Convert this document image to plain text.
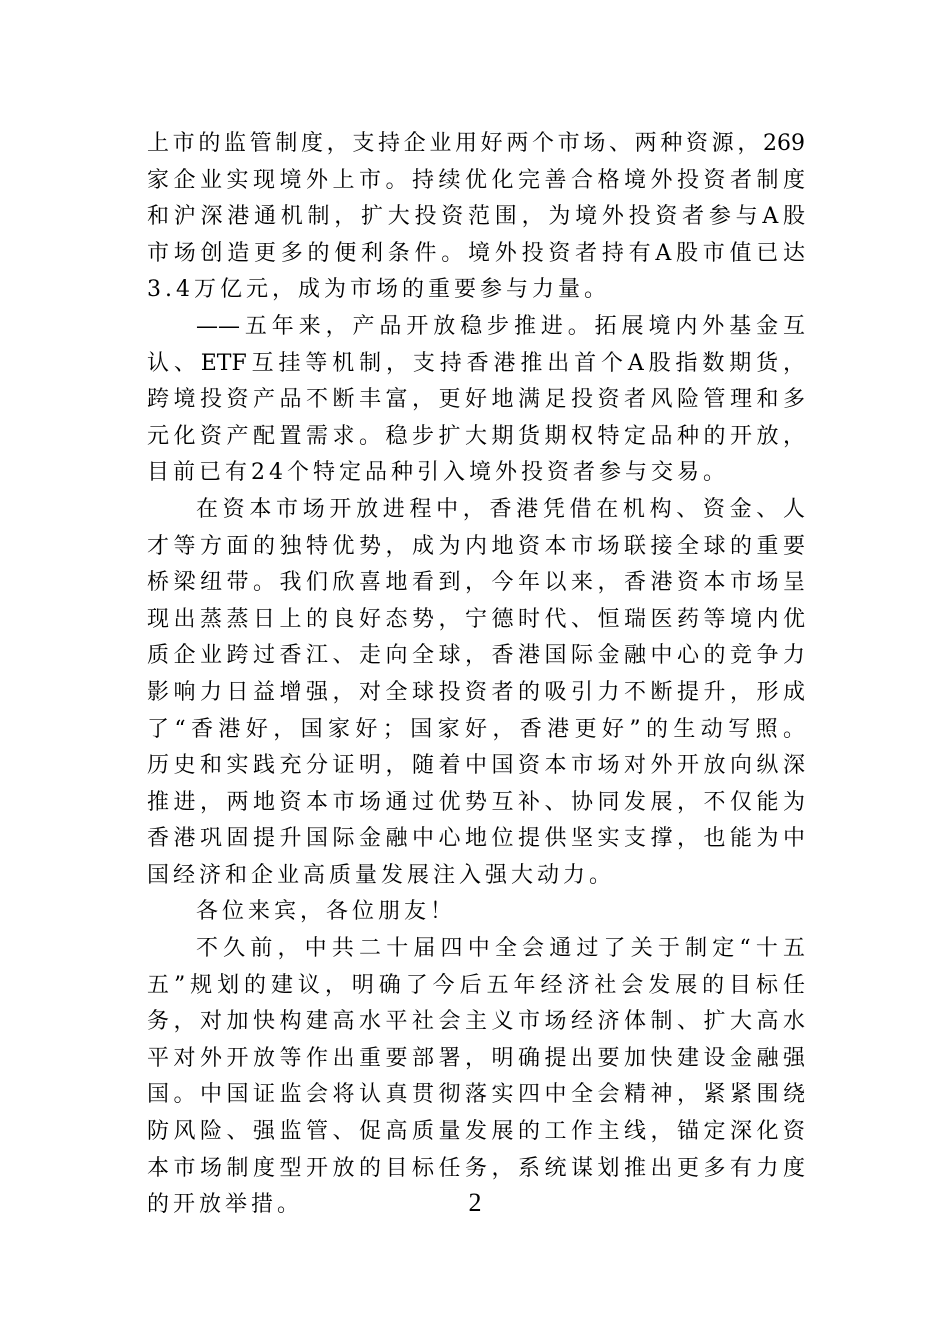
上市的监管制度，支持企业用好两个市场、两种资源，269
家企业实现境外上市。持续优化完善合格境外投资者制度
和沪深港通机制，扩大投资范围，为境外投资者参与A股
市场创造更多的便利条件。境外投资者持有A股市值已达
3.4万亿元，成为市场的重要参与力量。
——五年来，产品开放稳步推进。拓展境内外基金互
认、ETF互挂等机制，支持香港推出首个A股指数期货，
跨境投资产品不断丰富，更好地满足投资者风险管理和多
元化资产配置需求。稳步扩大期货期权特定品种的开放，
目前已有24个特定品种引入境外投资者参与交易。
在资本市场开放进程中，香港凭借在机构、资金、人
才等方面的独特优势，成为内地资本市场联接全球的重要
桥梁纽带。我们欣喜地看到，今年以来，香港资本市场呈
现出蒸蒸日上的良好态势，宁德时代、恒瑞医药等境内优
质企业跨过香江、走向全球，香港国际金融中心的竞争力
影响力日益增强，对全球投资者的吸引力不断提升，形成
了“香港好，国家好；国家好，香港更好”的生动写照。
历史和实践充分证明，随着中国资本市场对外开放向纵深
推进，两地资本市场通过优势互补、协同发展，不仅能为
香港巩固提升国际金融中心地位提供坚实支撑，也能为中
国经济和企业高质量发展注入强大动力。
各位来宾，各位朋友！
不久前，中共二十届四中全会通过了关于制定“十五
五”规划的建议，明确了今后五年经济社会发展的目标任
务，对加快构建高水平社会主义市场经济体制、扩大高水
平对外开放等作出重要部署，明确提出要加快建设金融强
国。中国证监会将认真贯彻落实四中全会精神，紧紧围绕
防风险、强监管、促高质量发展的工作主线，锚定深化资
本市场制度型开放的目标任务，系统谋划推出更多有力度
的开放举措。	2
